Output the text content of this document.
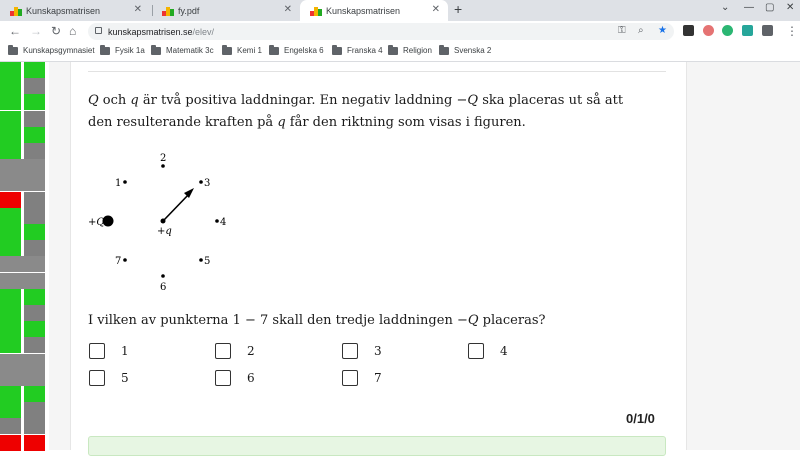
Kunskapsmatrisen	✕	fy.pdf	✕	Kunskapsmatrisen	✕ +	⌄ — ▢ ✕
← → ↻ ⌂	kunskapsmatrisen.se /elev/	⚿ ⌕ ★	⋮
Kunskapsgymnasiet	Fysik 1a	Matematik 3c	Kemi 1	Engelska 6	Franska 4	Religion	Svenska 2
Q och q är två positiva laddningar. En negativ laddning −Q ska placeras ut så att
den resulterande kraften på q får den riktning som visas i figuren.
+Q
+q
1
2
3
4
5
6
7
I vilken av punkterna 1 − 7 skall den tredje laddningen −Q placeras?
1	2	3	4
5	6	7
0/1/0
